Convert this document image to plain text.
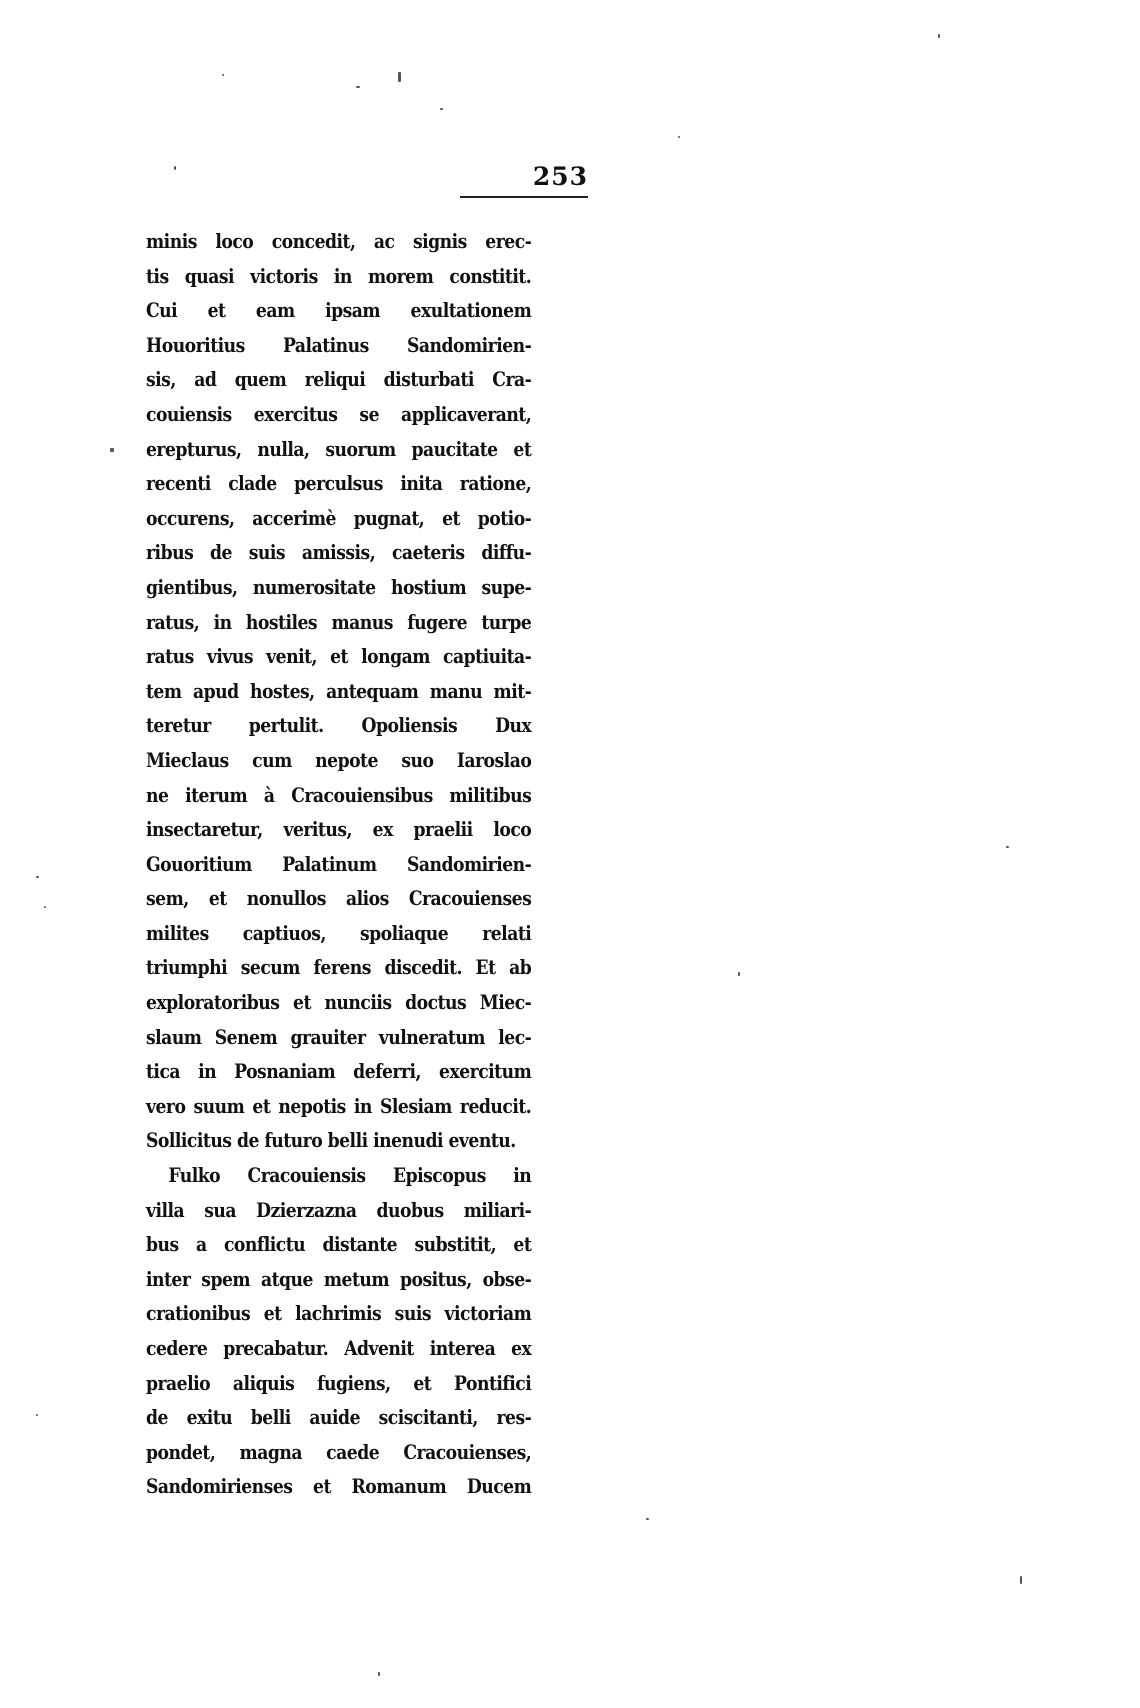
253
minis loco concedit, ac signis erec-
tis quasi victoris in morem constitit.
Cui et eam ipsam exultationem
Houoritius Palatinus Sandomirien-
sis, ad quem reliqui disturbati Cra-
couiensis exercitus se applicaverant,
erepturus, nulla, suorum paucitate et
recenti clade perculsus inita ratione,
occurens, accerimè pugnat, et potio-
ribus de suis amissis, caeteris diffu-
gientibus, numerositate hostium supe-
ratus, in hostiles manus fugere turpe
ratus vivus venit, et longam captiuita-
tem apud hostes, antequam manu mit-
teretur pertulit. Opoliensis Dux
Mieclaus cum nepote suo Iaroslao
ne iterum à Cracouiensibus militibus
insectaretur, veritus, ex praelii loco
Gouoritium Palatinum Sandomirien-
sem, et nonullos alios Cracouienses
milites captiuos, spoliaque relati
triumphi secum ferens discedit. Et ab
exploratoribus et nunciis doctus Miec-
slaum Senem grauiter vulneratum lec-
tica in Posnaniam deferri, exercitum
vero suum et nepotis in Slesiam reducit.
Sollicitus de futuro belli inenudi eventu.
Fulko Cracouiensis Episcopus in
villa sua Dzierzazna duobus miliari-
bus a conflictu distante substitit, et
inter spem atque metum positus, obse-
crationibus et lachrimis suis victoriam
cedere precabatur. Advenit interea ex
praelio aliquis fugiens, et Pontifici
de exitu belli auide sciscitanti, res-
pondet, magna caede Cracouienses,
Sandomirienses et Romanum Ducem
